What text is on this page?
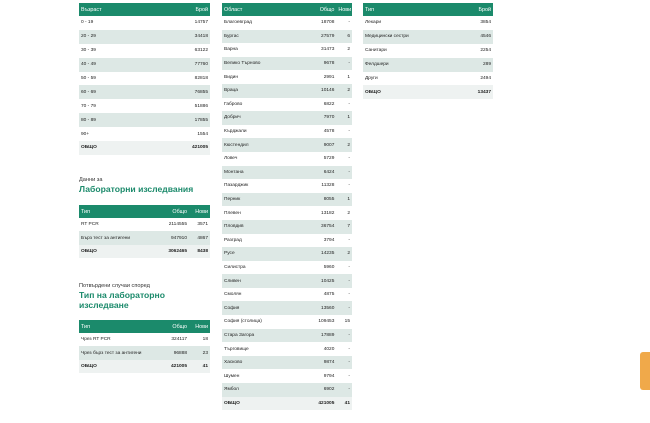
Възраст	Брой
0 - 19	14757
20 - 29	34418
30 - 39	63122
40 - 49	77760
50 - 59	82818
60 - 69	76855
70 - 79	51886
80 - 89	17855
90+	1554
ОБЩО	421005
Данни за
Лабораторни изследвания
Тип	Общо	Нови
RT PCR	2114555	3571
Бърз тест за антигени	947910	4867
ОБЩО	3062465	8438
Потвърдени случаи според
Тип на лабораторно
изследване
Тип	Общо	Нови
Чрез RT PCR	324117	18
Чрез бърз тест за антигени	96888	23
ОБЩО	421005	41
Област	Общо	Нови
Благоевград	18708	-
Бургас	27579	6
Варна	31473	2
Велико Търново	9678	-
Видин	2991	1
Враца	10146	2
Габрово	6822	-
Добрич	7970	1
Кърджали	4578	-
Кюстендил	9007	2
Ловеч	5729	-
Монтана	6424	-
Пазарджик	11328	-
Перник	8055	1
Плевен	13182	2
Пловдив	36754	7
Разград	3794	-
Русе	14235	2
Силистра	5960	-
Сливен	10425	-
Смолян	4875	-
София	13560	-
София (столица)	109453	15
Стара Загора	17889	-
Търговище	4020	-
Хасково	9874	-
Шумен	9794	-
Ямбол	6902	-
ОБЩО	421005	41
Тип	Брой
Лекари	3854
Медицински сестри	4546
Санитари	2254
Фелдшери	289
Други	2494
ОБЩО	13437
